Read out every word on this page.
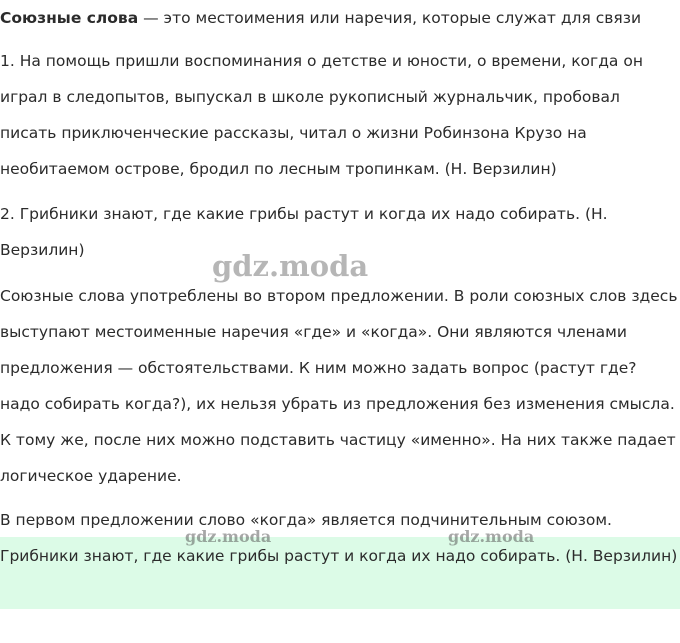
Союзные слова — это местоимения или наречия, которые служат для связи

1. На помощь пришли воспоминания о детстве и юности, о времени, когда он играл в следопытов, выпускал в школе рукописный журнальчик, пробовал писать приключенческие рассказы, читал о жизни Робинзона Крузо на необитаемом острове, бродил по лесным тропинкам. (Н. Верзилин)

2. Грибники знают, где какие грибы растут и когда их надо собирать. (Н. Верзилин)

Союзные слова употреблены во втором предложении. В роли союзных слов здесь выступают местоименные наречия «где» и «когда». Они являются членами предложения — обстоятельствами. К ним можно задать вопрос (растут где? надо собирать когда?), их нельзя убрать из предложения без изменения смысла. К тому же, после них можно подставить частицу «именно». На них также падает логическое ударение.

В первом предложении слово «когда» является подчинительным союзом.

Грибники знают, где какие грибы растут и когда их надо собирать. (Н. Верзилин)

gdz.moda
gdz.moda	gdz.moda
